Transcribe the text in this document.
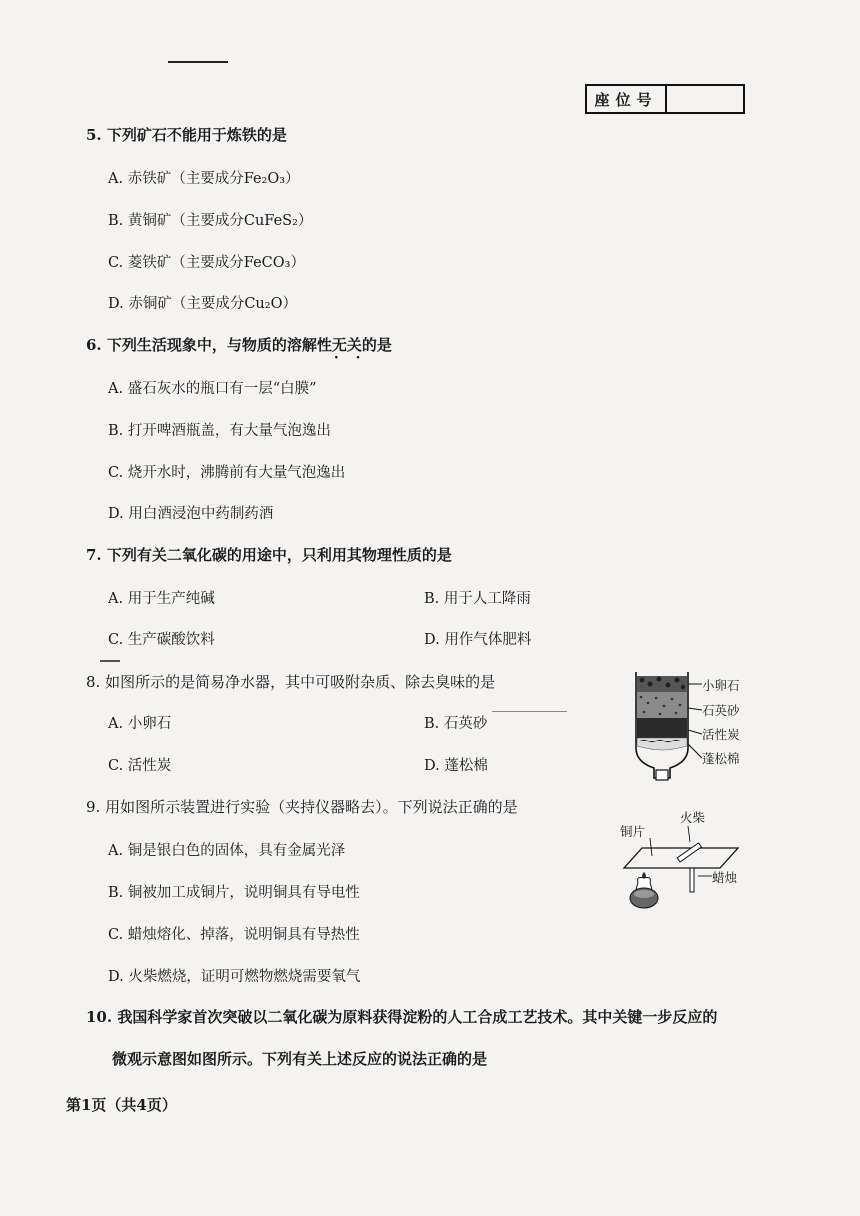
座位号
5. 下列矿石不能用于炼铁的是
A. 赤铁矿（主要成分Fe₂O₃）
B. 黄铜矿（主要成分CuFeS₂）
C. 菱铁矿（主要成分FeCO₃）
D. 赤铜矿（主要成分Cu₂O）
6. 下列生活现象中，与物质的溶解性无关 · ·的是
A. 盛石灰水的瓶口有一层“白膜”
B. 打开啤酒瓶盖，有大量气泡逸出
C. 烧开水时，沸腾前有大量气泡逸出
D. 用白酒浸泡中药制药酒
7. 下列有关二氧化碳的用途中，只利用其物理性质的是
A. 用于生产纯碱	B. 用于人工降雨
C. 生产碳酸饮料	D. 用作气体肥料
8. 如图所示的是简易净水器，其中可吸附杂质、除去臭味的是
A. 小卵石	B. 石英砂
C. 活性炭	D. 蓬松棉
小卵石
石英砂
活性炭
蓬松棉
9. 用如图所示装置进行实验（夹持仪器略去）。下列说法正确的是
A. 铜是银白色的固体，具有金属光泽
B. 铜被加工成铜片，说明铜具有导电性
C. 蜡烛熔化、掉落，说明铜具有导热性
D. 火柴燃烧，证明可燃物燃烧需要氧气
铜片
火柴
蜡烛
10. 我国科学家首次突破以二氧化碳为原料获得淀粉的人工合成工艺技术。其中关键一步反应的
微观示意图如图所示。下列有关上述反应的说法正确的是
第1页（共4页）
